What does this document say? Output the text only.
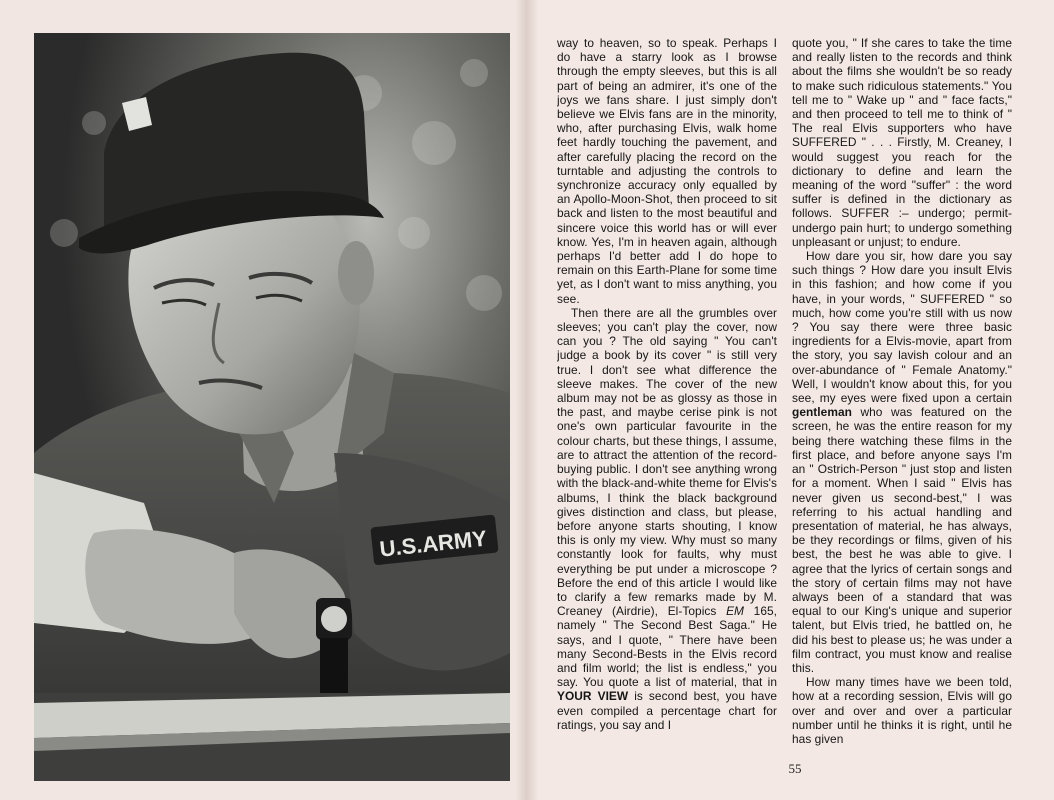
U.S.ARMY

way to heaven, so to speak. Perhaps I do have a starry look as I browse through the empty sleeves, but this is all part of being an admirer, it's one of the joys we fans share. I just simply don't believe we Elvis fans are in the minority, who, after purchasing Elvis, walk home feet hardly touching the pavement, and after carefully placing the record on the turntable and adjusting the controls to synchronize accuracy only equalled by an Apollo-Moon-Shot, then proceed to sit back and listen to the most beautiful and sincere voice this world has or will ever know. Yes, I'm in heaven again, although perhaps I'd better add I do hope to remain on this Earth-Plane for some time yet, as I don't want to miss anything, you see.

Then there are all the grumbles over sleeves; you can't play the cover, now can you ? The old saying " You can't judge a book by its cover " is still very true. I don't see what difference the sleeve makes. The cover of the new album may not be as glossy as those in the past, and maybe cerise pink is not one's own particular favourite in the colour charts, but these things, I assume, are to attract the attention of the record-buying public. I don't see anything wrong with the black-and-white theme for Elvis's albums, I think the black background gives distinction and class, but please, before anyone starts shouting, I know this is only my view. Why must so many constantly look for faults, why must everything be put under a microscope ? Before the end of this article I would like to clarify a few remarks made by M. Creaney (Airdrie), El-Topics EM 165, namely " The Second Best Saga." He says, and I quote, " There have been many Second-Bests in the Elvis record and film world; the list is endless," you say. You quote a list of material, that in YOUR VIEW is second best, you have even compiled a percentage chart for ratings, you say and I

quote you, " If she cares to take the time and really listen to the records and think about the films she wouldn't be so ready to make such ridiculous statements." You tell me to " Wake up " and " face facts," and then proceed to tell me to think of " The real Elvis supporters who have SUFFERED " . . . Firstly, M. Creaney, I would suggest you reach for the dictionary to define and learn the meaning of the word "suffer" : the word suffer is defined in the dictionary as follows. SUFFER :– undergo; permit-undergo pain hurt; to undergo something unpleasant or unjust; to endure.

How dare you sir, how dare you say such things ? How dare you insult Elvis in this fashion; and how come if you have, in your words, " SUFFERED " so much, how come you're still with us now ? You say there were three basic ingredients for a Elvis-movie, apart from the story, you say lavish colour and an over-abundance of " Female Anatomy." Well, I wouldn't know about this, for you see, my eyes were fixed upon a certain gentleman who was featured on the screen, he was the entire reason for my being there watching these films in the first place, and before anyone says I'm an " Ostrich-Person " just stop and listen for a moment. When I said " Elvis has never given us second-best," I was referring to his actual handling and presentation of material, he has always, be they recordings or films, given of his best, the best he was able to give. I agree that the lyrics of certain songs and the story of certain films may not have always been of a standard that was equal to our King's unique and superior talent, but Elvis tried, he battled on, he did his best to please us; he was under a film contract, you must know and realise this.

How many times have we been told, how at a recording session, Elvis will go over and over and over a particular number until he thinks it is right, until he has given

55
